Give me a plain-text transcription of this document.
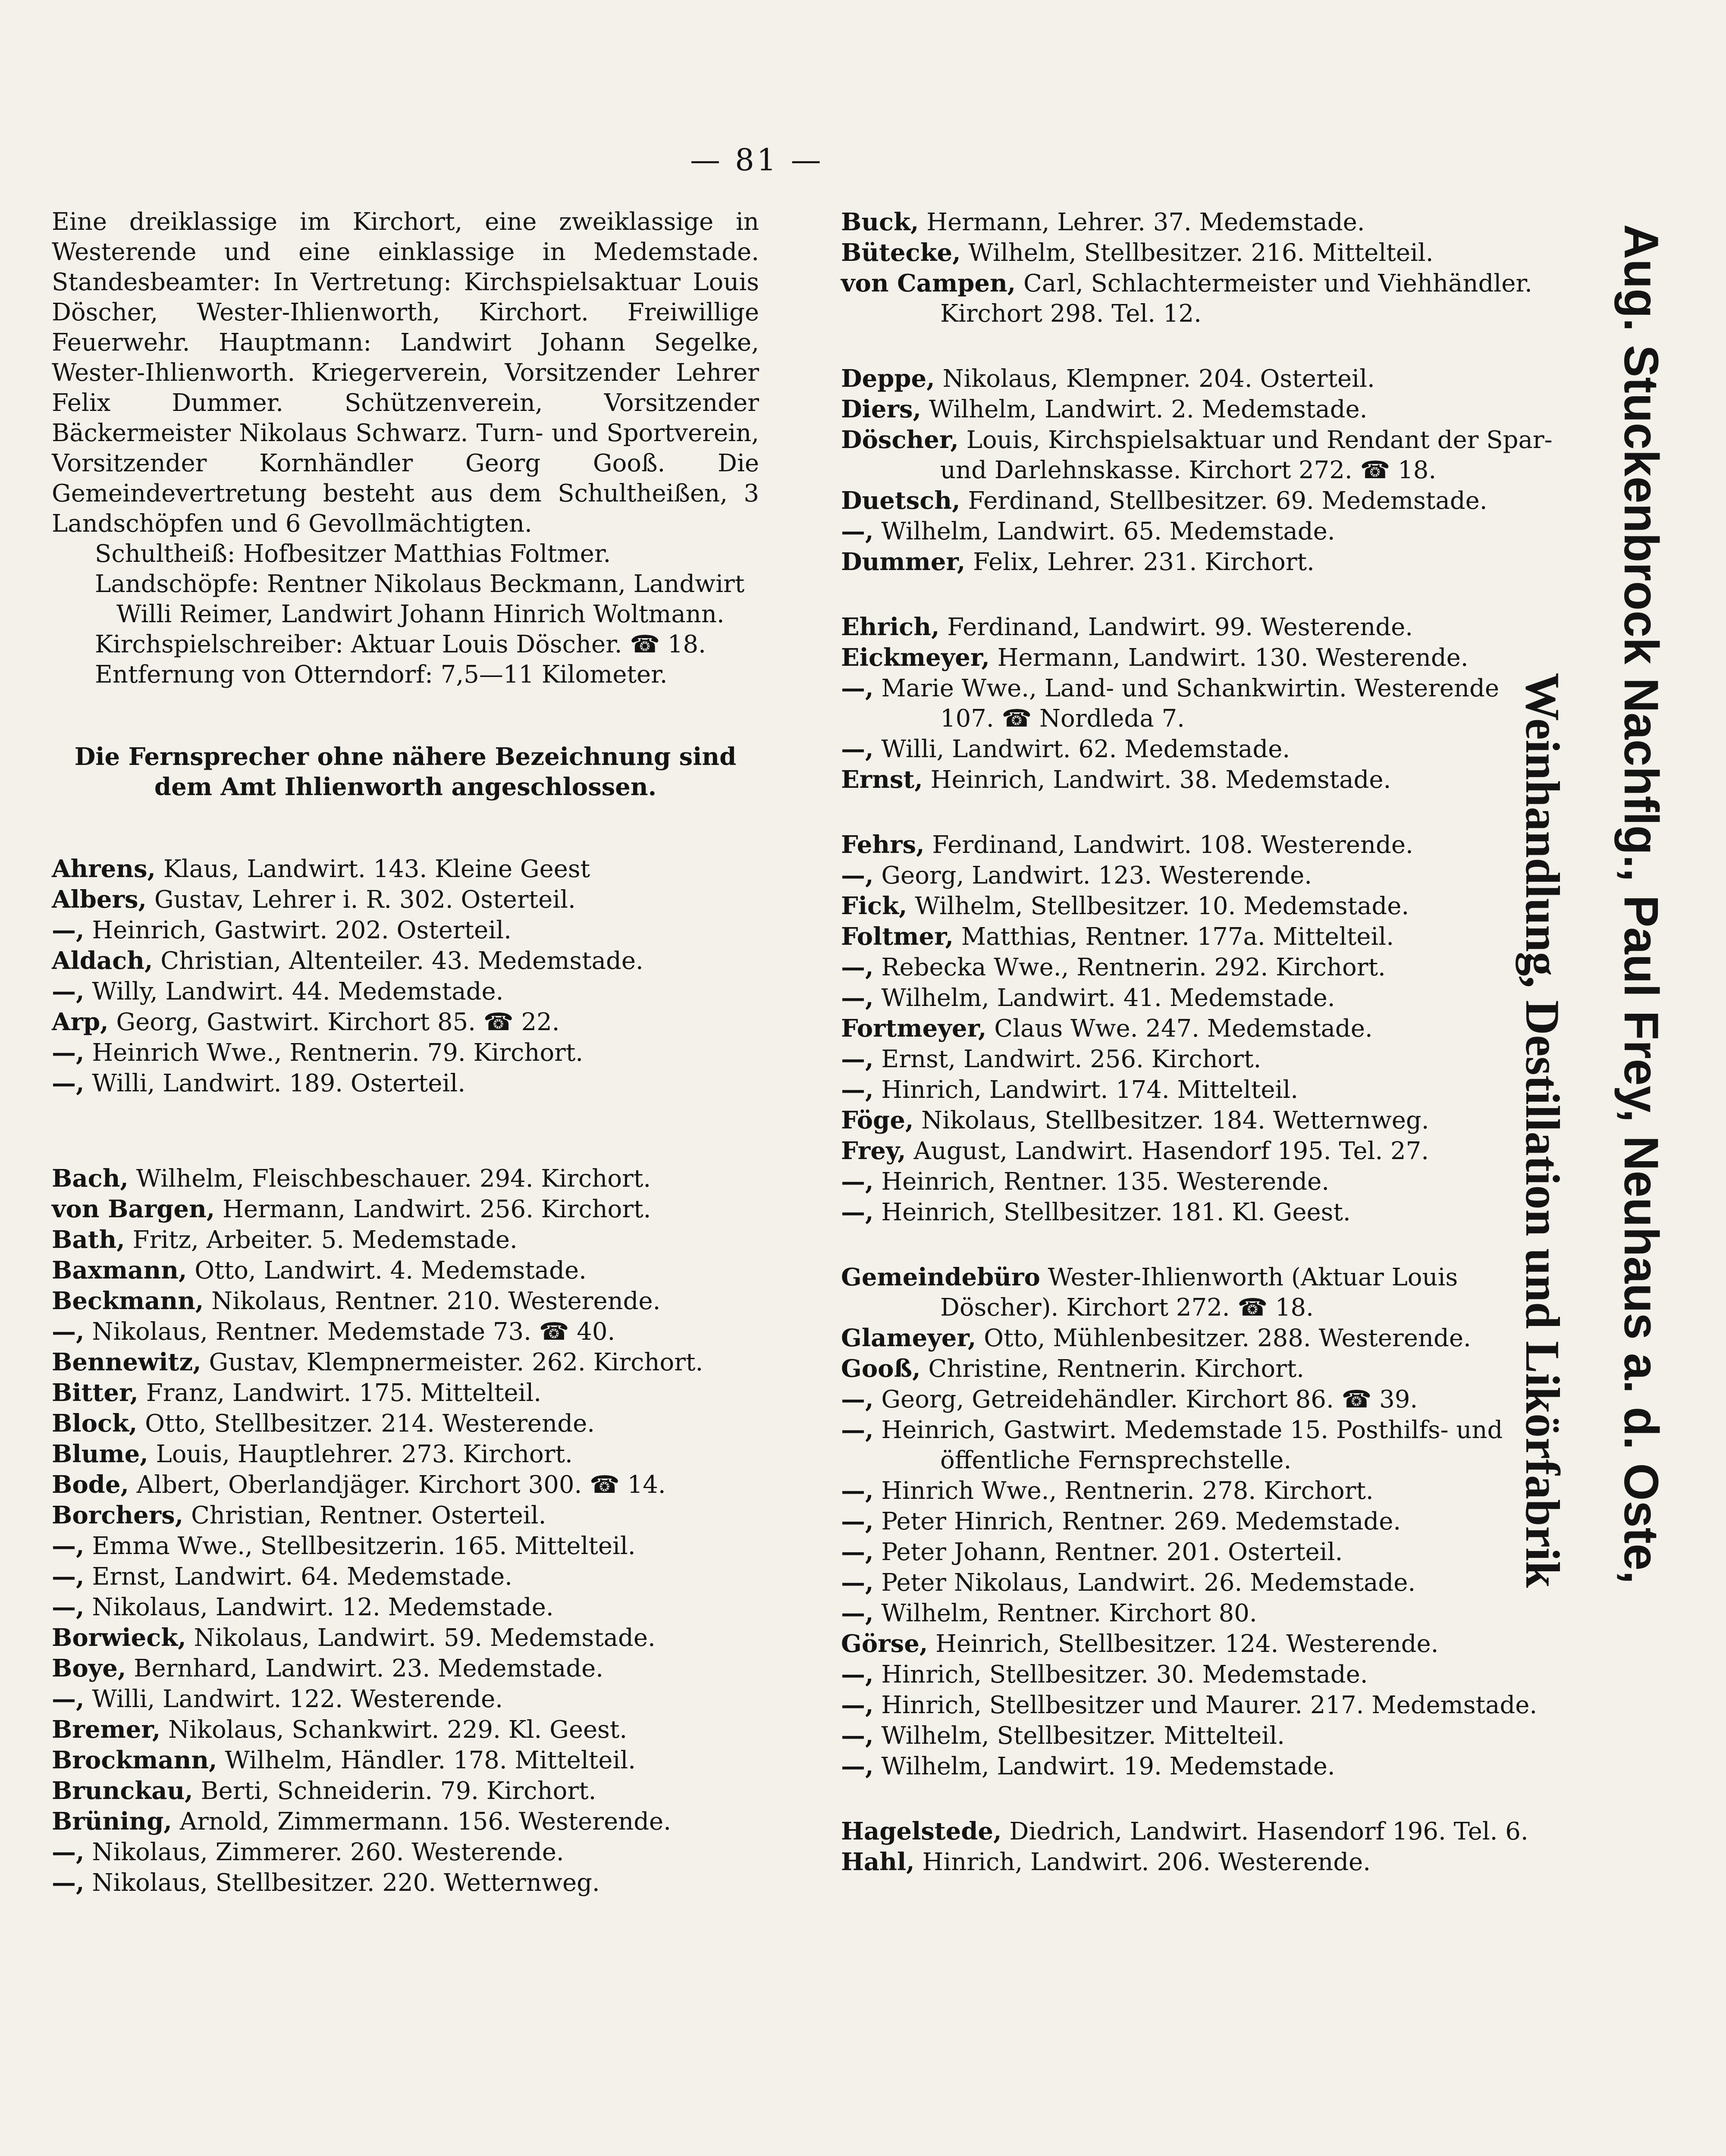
— 81 —

Eine dreiklassige im Kirchort, eine zweiklassige in Westerende und eine einklassige in Medemstade. Standesbeamter: In Vertretung: Kirchspielsaktuar Louis Döscher, Wester-Ihlienworth, Kirchort. Freiwillige Feuerwehr. Hauptmann: Landwirt Johann Segelke, Wester-Ihlienworth. Kriegerverein, Vorsitzender Lehrer Felix Dummer. Schützenverein, Vorsitzender Bäckermeister Nikolaus Schwarz. Turn- und Sportverein, Vorsitzender Kornhändler Georg Gooß. Die Gemeindevertretung besteht aus dem Schultheißen, 3 Landschöpfen und 6 Gevollmächtigten.

Schultheiß: Hofbesitzer Matthias Foltmer.

Landschöpfe: Rentner Nikolaus Beckmann, Landwirt Willi Reimer, Landwirt Johann Hinrich Woltmann.

Kirchspielschreiber: Aktuar Louis Döscher. ☎ 18.

Entfernung von Otterndorf: 7,5—11 Kilometer.

Die Fernsprecher ohne nähere Bezeichnung sind dem Amt Ihlienworth angeschlossen.

Ahrens, Klaus, Landwirt. 143. Kleine Geest

Albers, Gustav, Lehrer i. R. 302. Osterteil.

—, Heinrich, Gastwirt. 202. Osterteil.

Aldach, Christian, Altenteiler. 43. Medemstade.

—, Willy, Landwirt. 44. Medemstade.

Arp, Georg, Gastwirt. Kirchort 85. ☎ 22.

—, Heinrich Wwe., Rentnerin. 79. Kirchort.

—, Willi, Landwirt. 189. Osterteil.

Bach, Wilhelm, Fleischbeschauer. 294. Kirchort.

von Bargen, Hermann, Landwirt. 256. Kirchort.

Bath, Fritz, Arbeiter. 5. Medemstade.

Baxmann, Otto, Landwirt. 4. Medemstade.

Beckmann, Nikolaus, Rentner. 210. Westerende.

—, Nikolaus, Rentner. Medemstade 73. ☎ 40.

Bennewitz, Gustav, Klempnermeister. 262. Kirchort.

Bitter, Franz, Landwirt. 175. Mittelteil.

Block, Otto, Stellbesitzer. 214. Westerende.

Blume, Louis, Hauptlehrer. 273. Kirchort.

Bode, Albert, Oberlandjäger. Kirchort 300. ☎ 14.

Borchers, Christian, Rentner. Osterteil.

—, Emma Wwe., Stellbesitzerin. 165. Mittelteil.

—, Ernst, Landwirt. 64. Medemstade.

—, Nikolaus, Landwirt. 12. Medemstade.

Borwieck, Nikolaus, Landwirt. 59. Medemstade.

Boye, Bernhard, Landwirt. 23. Medemstade.

—, Willi, Landwirt. 122. Westerende.

Bremer, Nikolaus, Schankwirt. 229. Kl. Geest.

Brockmann, Wilhelm, Händler. 178. Mittelteil.

Brunckau, Berti, Schneiderin. 79. Kirchort.

Brüning, Arnold, Zimmermann. 156. Westerende.

—, Nikolaus, Zimmerer. 260. Westerende.

—, Nikolaus, Stellbesitzer. 220. Wetternweg.

Buck, Hermann, Lehrer. 37. Medemstade.

Bütecke, Wilhelm, Stellbesitzer. 216. Mittelteil.

von Campen, Carl, Schlachtermeister und Viehhändler. Kirchort 298. Tel. 12.

Deppe, Nikolaus, Klempner. 204. Osterteil.

Diers, Wilhelm, Landwirt. 2. Medemstade.

Döscher, Louis, Kirchspielsaktuar und Rendant der Spar- und Darlehnskasse. Kirchort 272. ☎ 18.

Duetsch, Ferdinand, Stellbesitzer. 69. Medemstade.

—, Wilhelm, Landwirt. 65. Medemstade.

Dummer, Felix, Lehrer. 231. Kirchort.

Ehrich, Ferdinand, Landwirt. 99. Westerende.

Eickmeyer, Hermann, Landwirt. 130. Westerende.

—, Marie Wwe., Land- und Schankwirtin. Westerende 107. ☎ Nordleda 7.

—, Willi, Landwirt. 62. Medemstade.

Ernst, Heinrich, Landwirt. 38. Medemstade.

Fehrs, Ferdinand, Landwirt. 108. Westerende.

—, Georg, Landwirt. 123. Westerende.

Fick, Wilhelm, Stellbesitzer. 10. Medemstade.

Foltmer, Matthias, Rentner. 177a. Mittelteil.

—, Rebecka Wwe., Rentnerin. 292. Kirchort.

—, Wilhelm, Landwirt. 41. Medemstade.

Fortmeyer, Claus Wwe. 247. Medemstade.

—, Ernst, Landwirt. 256. Kirchort.

—, Hinrich, Landwirt. 174. Mittelteil.

Föge, Nikolaus, Stellbesitzer. 184. Wetternweg.

Frey, August, Landwirt. Hasendorf 195. Tel. 27.

—, Heinrich, Rentner. 135. Westerende.

—, Heinrich, Stellbesitzer. 181. Kl. Geest.

Gemeindebüro Wester-Ihlienworth (Aktuar Louis Döscher). Kirchort 272. ☎ 18.

Glameyer, Otto, Mühlenbesitzer. 288. Westerende.

Gooß, Christine, Rentnerin. Kirchort.

—, Georg, Getreidehändler. Kirchort 86. ☎ 39.

—, Heinrich, Gastwirt. Medemstade 15. Posthilfs- und öffentliche Fernsprechstelle.

—, Hinrich Wwe., Rentnerin. 278. Kirchort.

—, Peter Hinrich, Rentner. 269. Medemstade.

—, Peter Johann, Rentner. 201. Osterteil.

—, Peter Nikolaus, Landwirt. 26. Medemstade.

—, Wilhelm, Rentner. Kirchort 80.

Görse, Heinrich, Stellbesitzer. 124. Westerende.

—, Hinrich, Stellbesitzer. 30. Medemstade.

—, Hinrich, Stellbesitzer und Maurer. 217. Medemstade.

—, Wilhelm, Stellbesitzer. Mittelteil.

—, Wilhelm, Landwirt. 19. Medemstade.

Hagelstede, Diedrich, Landwirt. Hasendorf 196. Tel. 6.

Hahl, Hinrich, Landwirt. 206. Westerende.

Aug. Stuckenbrock Nachflg., Paul Frey, Neuhaus a. d. Oste,
Weinhandlung, Destillation und Likörfabrik
